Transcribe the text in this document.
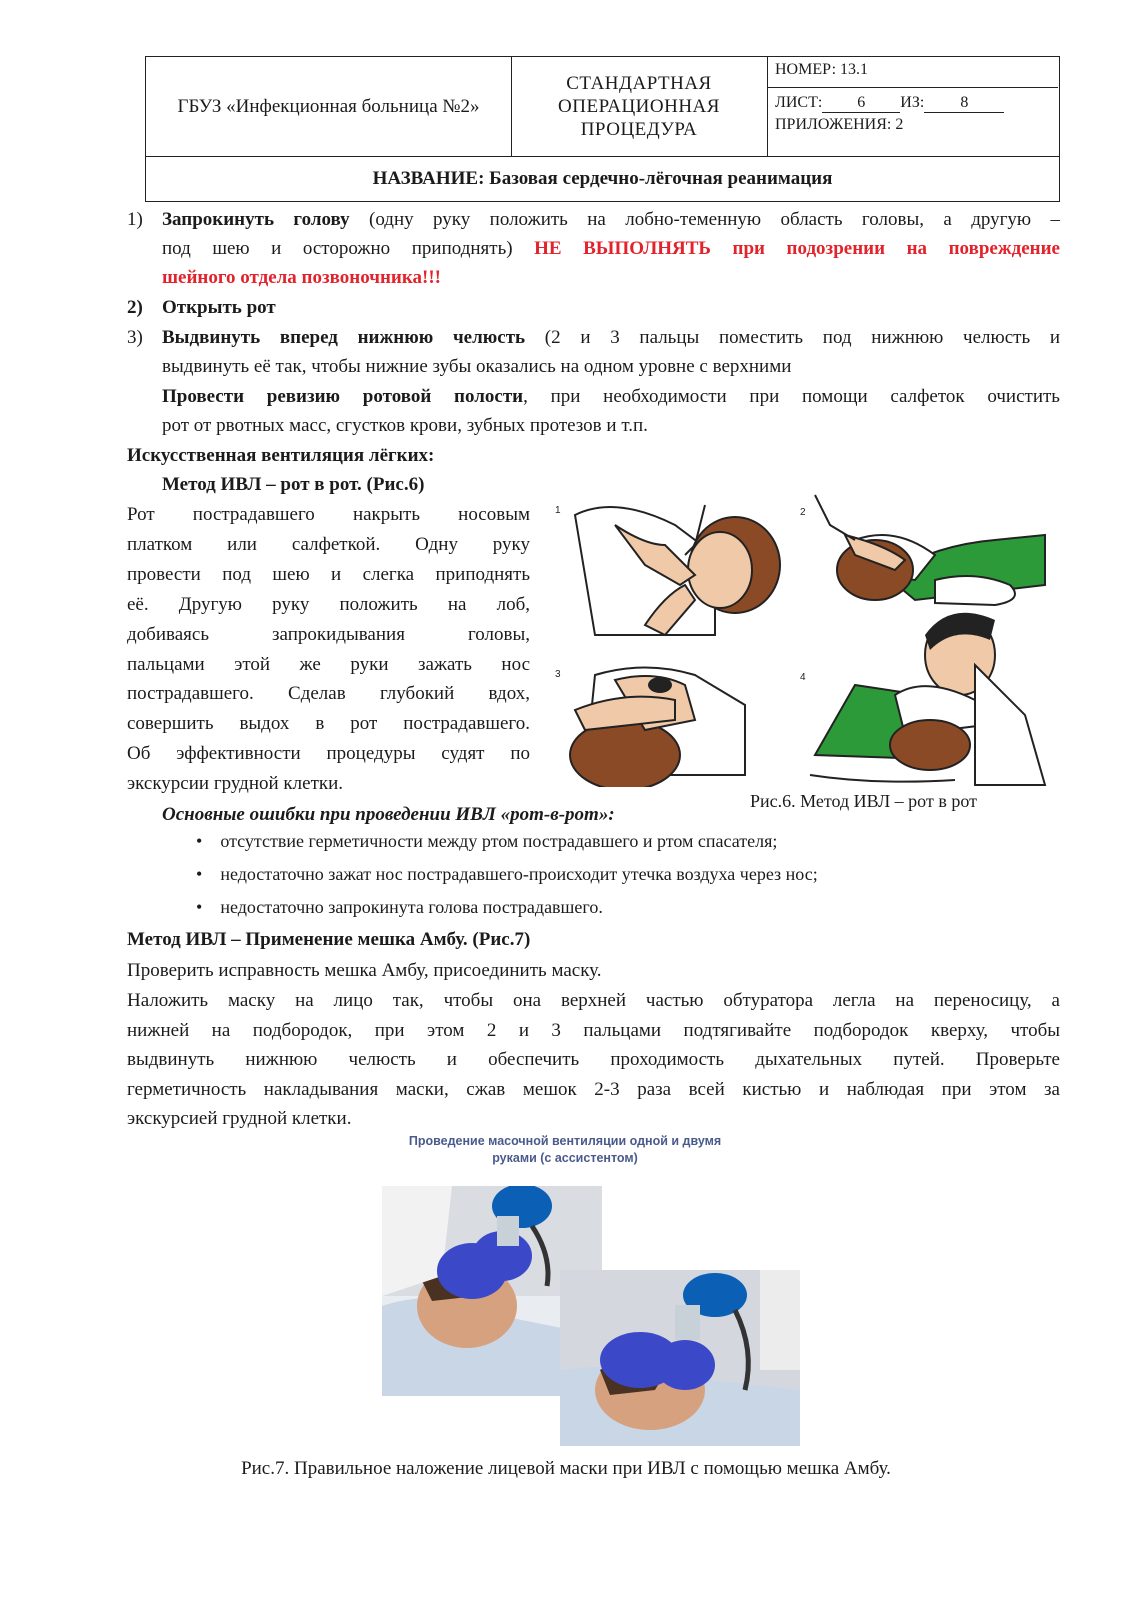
ГБУЗ «Инфекционная больница №2»
СТАНДАРТНАЯ ОПЕРАЦИОННАЯ ПРОЦЕДУРА
НОМЕР: 13.1
ЛИСТ: 6 ИЗ: 8
ПРИЛОЖЕНИЯ: 2
НАЗВАНИЕ: Базовая сердечно-лёгочная реанимация
1) Запрокинуть голову (одну руку положить на лобно-теменную область головы, а другую –
под шею и осторожно приподнять) НЕ ВЫПОЛНЯТЬ при подозрении на повреждение
шейного отдела позвоночника!!!
2) Открыть рот
3) Выдвинуть вперед нижнюю челюсть (2 и 3 пальцы поместить под нижнюю челюсть и
выдвинуть её так, чтобы нижние зубы оказались на одном уровне с верхними
Провести ревизию ротовой полости, при необходимости при помощи салфеток очистить
рот от рвотных масс, сгустков крови, зубных протезов и т.п.
Искусственная вентиляция лёгких:
Метод ИВЛ – рот в рот. (Рис.6)
Рот пострадавшего накрыть носовым
платком или салфеткой. Одну руку
провести под шею и слегка приподнять
её. Другую руку положить на лоб,
добиваясь запрокидывания головы,
пальцами этой же руки зажать нос
пострадавшего. Сделав глубокий вдох,
совершить выдох в рот пострадавшего.
Об эффективности процедуры судят по
экскурсии грудной клетки.
1	2
3	4
Рис.6. Метод ИВЛ – рот в рот
Основные ошибки при проведении ИВЛ «рот-в-рот»:
•    отсутствие герметичности между ртом пострадавшего и ртом спасателя;
•    недостаточно зажат нос пострадавшего-происходит утечка воздуха через нос;
•    недостаточно запрокинута голова пострадавшего.
Метод ИВЛ – Применение мешка Амбу. (Рис.7)
Проверить исправность мешка Амбу, присоединить маску.
Наложить маску на лицо так, чтобы она верхней частью обтуратора легла на переносицу, а
нижней на подбородок, при этом 2 и 3 пальцами подтягивайте подбородок кверху, чтобы
выдвинуть нижнюю челюсть и обеспечить проходимость дыхательных путей. Проверьте
герметичность накладывания маски, сжав мешок 2-3 раза всей кистью и наблюдая при этом за
экскурсией грудной клетки.
Проведение масочной вентиляции одной и двумя
руками (с ассистентом)
Рис.7. Правильное наложение лицевой маски при ИВЛ с помощью мешка Амбу.
